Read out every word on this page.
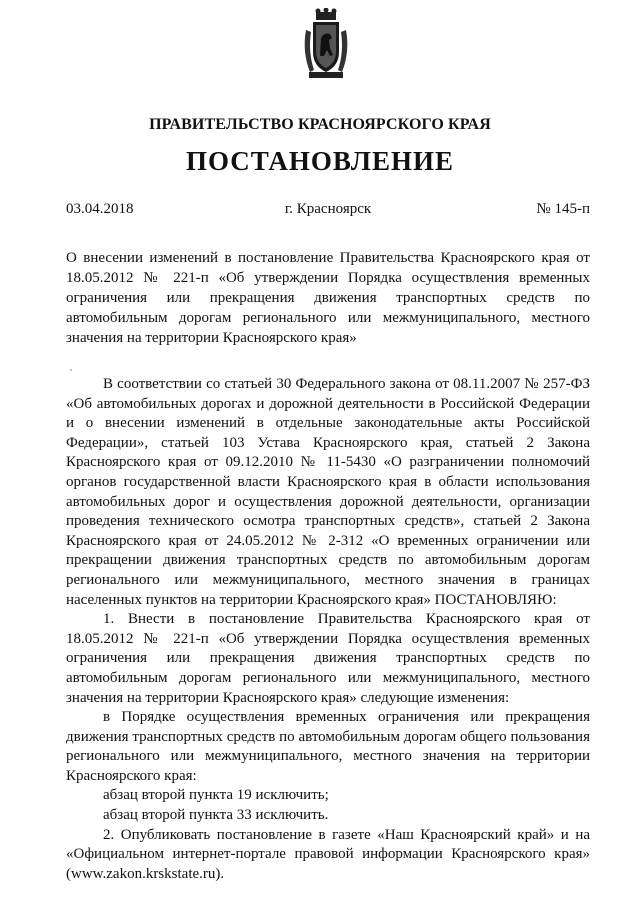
ПРАВИТЕЛЬСТВО КРАСНОЯРСКОГО КРАЯ
ПОСТАНОВЛЕНИЕ
03.04.2018	г. Красноярск	№ 145-п
О внесении изменений в постановление Правительства Красноярского края от 18.05.2012 № 221-п «Об утверждении Порядка осуществления временных ограничения или прекращения движения транспортных средств по автомобильным дорогам регионального или межмуниципального, местного значения на территории Красноярского края»

В соответствии со статьей 30 Федерального закона от 08.11.2007 № 257-ФЗ «Об автомобильных дорогах и дорожной деятельности в Российской Федерации и о внесении изменений в отдельные законодательные акты Российской Федерации», статьей 103 Устава Красноярского края, статьей 2 Закона Красноярского края от 09.12.2010 № 11-5430 «О разграничении полномочий органов государственной власти Красноярского края в области использования автомобильных дорог и осуществления дорожной деятельности, организации проведения технического осмотра транспортных средств», статьей 2 Закона Красноярского края от 24.05.2012 № 2-312 «О временных ограничении или прекращении движения транспортных средств по автомобильным дорогам регионального или межмуниципального, местного значения в границах населенных пунктов на территории Красноярского края» ПОСТАНОВЛЯЮ:

1. Внести в постановление Правительства Красноярского края от 18.05.2012 № 221-п «Об утверждении Порядка осуществления временных ограничения или прекращения движения транспортных средств по автомобильным дорогам регионального или межмуниципального, местного значения на территории Красноярского края» следующие изменения:

в Порядке осуществления временных ограничения или прекращения движения транспортных средств по автомобильным дорогам общего пользования регионального или межмуниципального, местного значения на территории Красноярского края:

абзац второй пункта 19 исключить;

абзац второй пункта 33 исключить.

2. Опубликовать постановление в газете «Наш Красноярский край» и на «Официальном интернет-портале правовой информации Красноярского края» (www.zakon.krskstate.ru).
